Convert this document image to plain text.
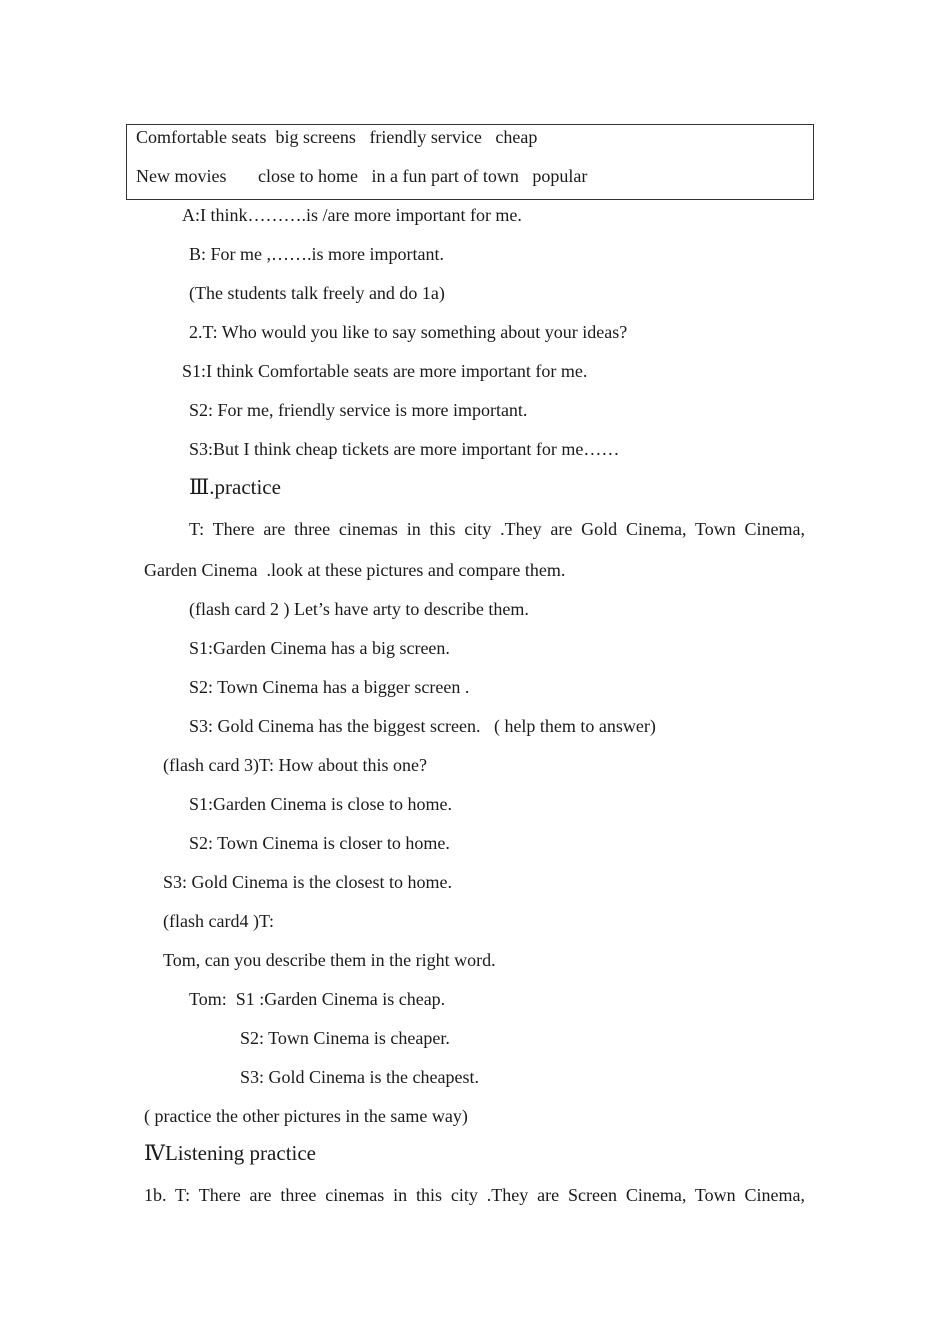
Comfortable seats  big screens   friendly service   cheap
New movies       close to home   in a fun part of town   popular
A:I think……….is /are more important for me.
B: For me ,…….is more important.
(The students talk freely and do 1a)
2.T: Who would you like to say something about your ideas?
S1:I think Comfortable seats are more important for me.
S2: For me, friendly service is more important.
S3:But I think cheap tickets are more important for me……
Ⅲ.practice
T: There are three cinemas in this city .They are Gold Cinema, Town Cinema,
Garden Cinema  .look at these pictures and compare them.
(flash card 2 ) Let’s have arty to describe them.
S1:Garden Cinema has a big screen.
S2: Town Cinema has a bigger screen .
S3: Gold Cinema has the biggest screen.   ( help them to answer)
(flash card 3)T: How about this one?
S1:Garden Cinema is close to home.
S2: Town Cinema is closer to home.
S3: Gold Cinema is the closest to home.
(flash card4 )T:
Tom, can you describe them in the right word.
Tom:  S1 :Garden Cinema is cheap.
S2: Town Cinema is cheaper.
S3: Gold Cinema is the cheapest.
( practice the other pictures in the same way)
ⅣListening practice
1b. T: There are three cinemas in this city .They are Screen Cinema, Town Cinema,
